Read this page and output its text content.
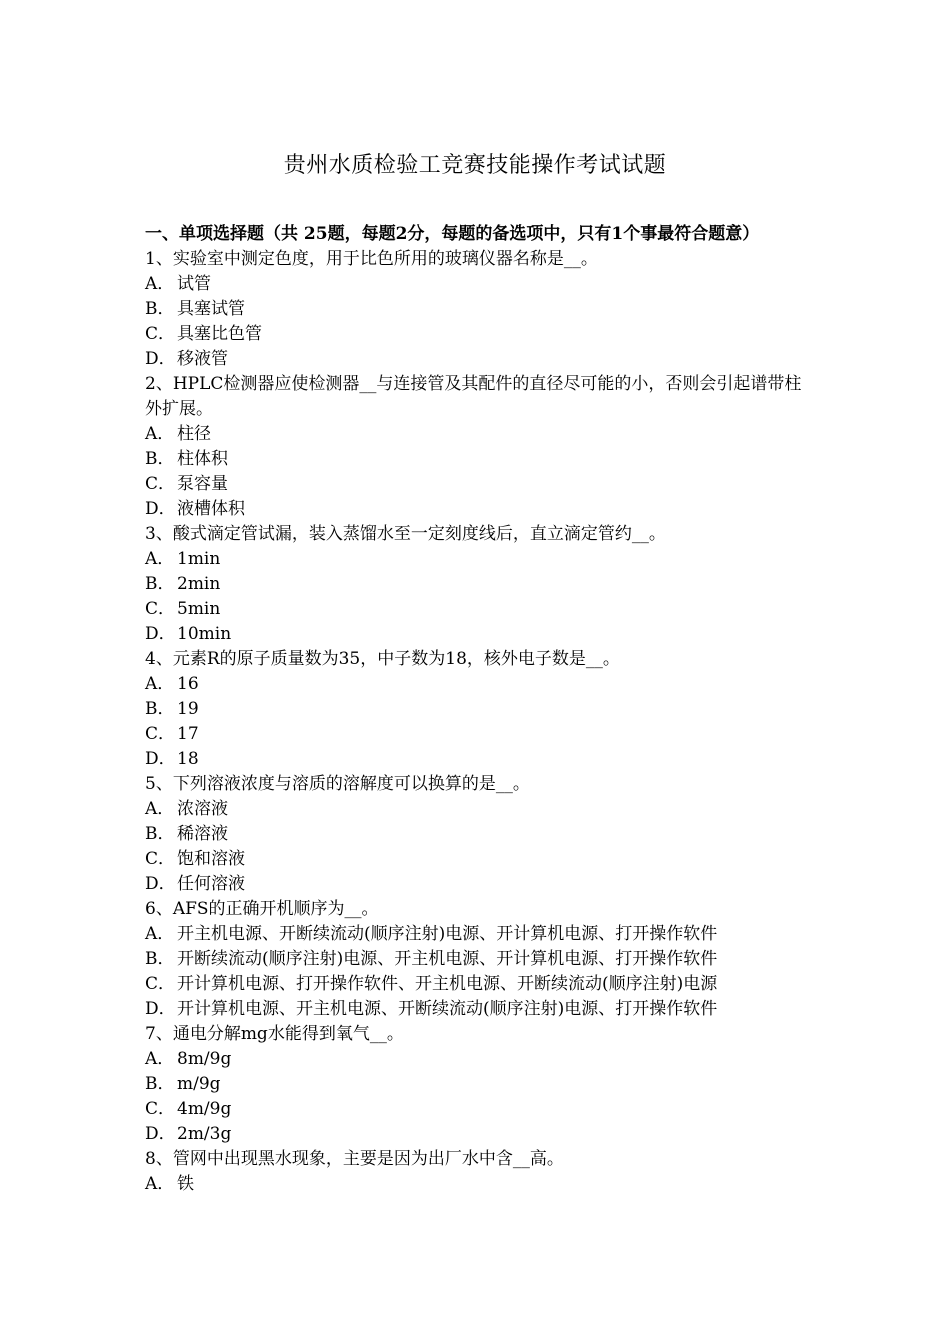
贵州水质检验工竞赛技能操作考试试题

一、单项选择题（共 25题，每题2分，每题的备选项中，只有1个事最符合题意）

1、实验室中测定色度，用于比色所用的玻璃仪器名称是__。

A． 试管

B． 具塞试管

C． 具塞比色管

D．移液管

2、HPLC检测器应使检测器__与连接管及其配件的直径尽可能的小，否则会引起谱带柱外扩展。

A． 柱径

B． 柱体积

C． 泵容量

D．液槽体积

3、酸式滴定管试漏，装入蒸馏水至一定刻度线后，直立滴定管约__。

A． 1min

B． 2min

C． 5min

D．10min

4、元素R的原子质量数为35，中子数为18，核外电子数是__。

A． 16

B． 19

C． 17

D．18

5、下列溶液浓度与溶质的溶解度可以换算的是__。

A． 浓溶液

B． 稀溶液

C． 饱和溶液

D．任何溶液

6、AFS的正确开机顺序为__。

A． 开主机电源、开断续流动(顺序注射)电源、开计算机电源、打开操作软件

B． 开断续流动(顺序注射)电源、开主机电源、开计算机电源、打开操作软件

C． 开计算机电源、打开操作软件、开主机电源、开断续流动(顺序注射)电源

D．开计算机电源、开主机电源、开断续流动(顺序注射)电源、打开操作软件

7、通电分解mg水能得到氧气__。

A． 8m/9g

B． m/9g

C． 4m/9g

D．2m/3g

8、管网中出现黑水现象，主要是因为出厂水中含__高。

A． 铁
